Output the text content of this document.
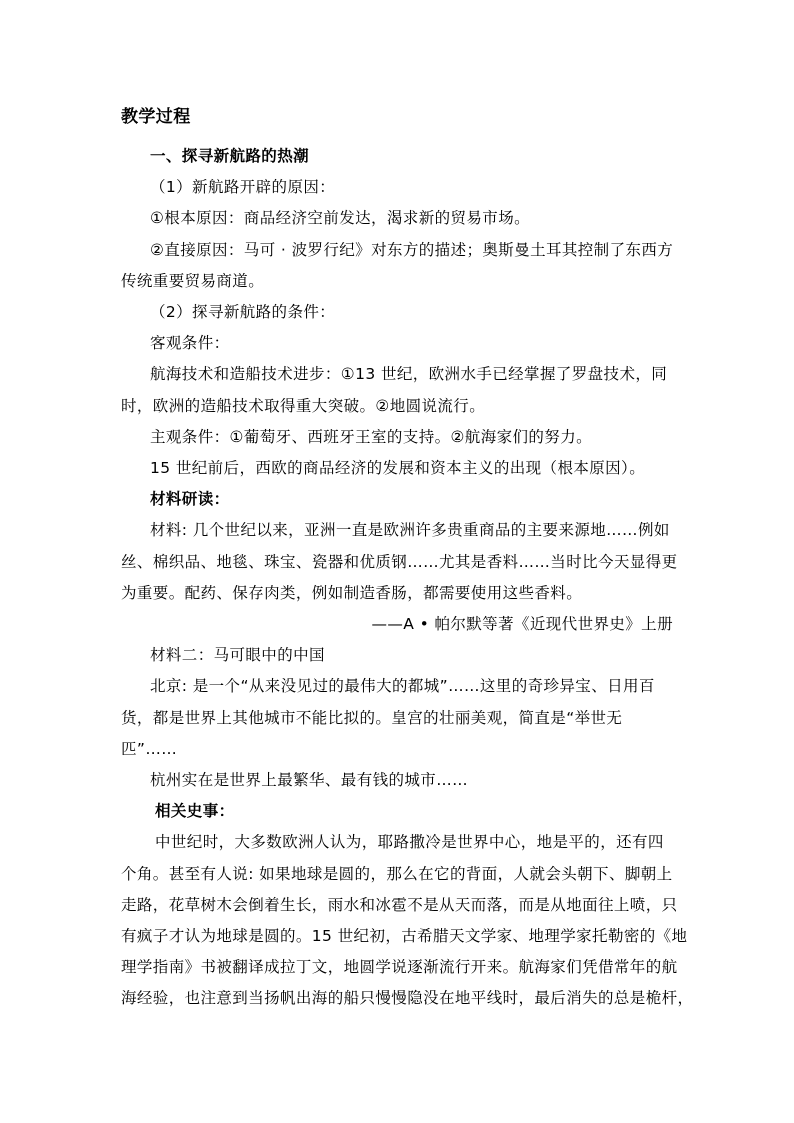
教学过程
一、探寻新航路的热潮
（1）新航路开辟的原因：
①根本原因：商品经济空前发达，渴求新的贸易市场。
②直接原因：马可 · 波罗行纪》对东方的描述；奥斯曼土耳其控制了东西方
传统重要贸易商道。
（2）探寻新航路的条件：
客观条件：
航海技术和造船技术进步：①13 世纪，欧洲水手已经掌握了罗盘技术，同
时，欧洲的造船技术取得重大突破。②地圆说流行。
主观条件：①葡萄牙、西班牙王室的支持。②航海家们的努力。
15 世纪前后，西欧的商品经济的发展和资本主义的出现（根本原因）。
材料研读：
材料: 几个世纪以来，亚洲一直是欧洲许多贵重商品的主要来源地……例如
丝、棉织品、地毯、珠宝、瓷器和优质钢……尤其是香料……当时比今天显得更
为重要。配药、保存肉类，例如制造香肠，都需要使用这些香料。
——A • 帕尔默等著《近现代世界史》上册
材料二：马可眼中的中国
北京: 是一个“从来没见过的最伟大的都城”……这里的奇珍异宝、日用百
货，都是世界上其他城市不能比拟的。皇宫的壮丽美观，简直是“举世无
匹”……
杭州实在是世界上最繁华、最有钱的城市……
相关史事：
中世纪时，大多数欧洲人认为，耶路撒冷是世界中心，地是平的，还有四
个角。甚至有人说: 如果地球是圆的，那么在它的背面，人就会头朝下、脚朝上
走路，花草树木会倒着生长，雨水和冰雹不是从天而落，而是从地面往上喷，只
有疯子才认为地球是圆的。15 世纪初，古希腊天文学家、地理学家托勒密的《地
理学指南》书被翻译成拉丁文，地圆学说逐渐流行开来。航海家们凭借常年的航
海经验，也注意到当扬帆出海的船只慢慢隐没在地平线时，最后消失的总是桅杆，
